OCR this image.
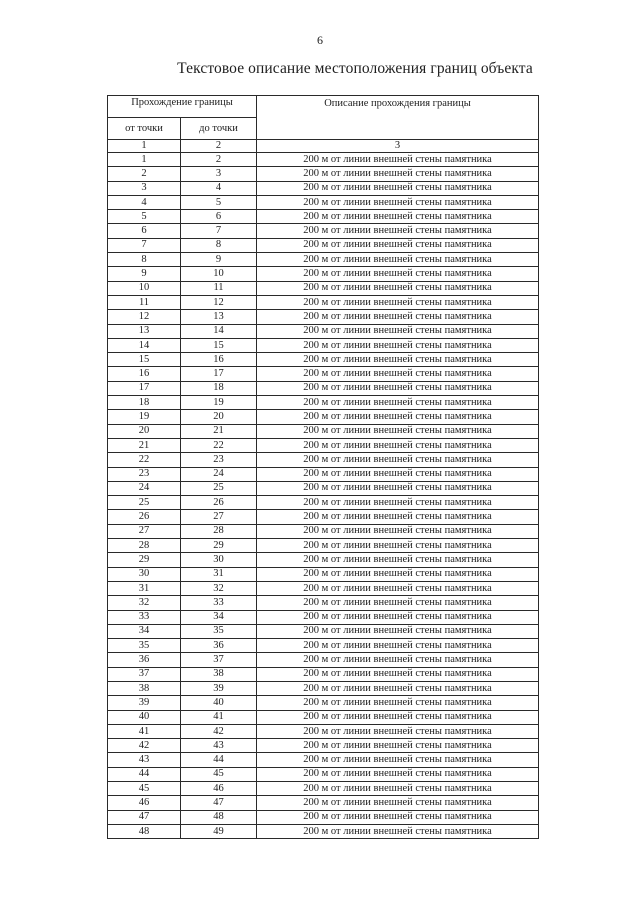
6
Текстовое описание местоположения границ объекта
Прохождение границы		Описание прохождения границы
от точки	до точки	
1	2	3
1	2	200 м от линии внешней стены памятника
2	3	200 м от линии внешней стены памятника
3	4	200 м от линии внешней стены памятника
4	5	200 м от линии внешней стены памятника
5	6	200 м от линии внешней стены памятника
6	7	200 м от линии внешней стены памятника
7	8	200 м от линии внешней стены памятника
8	9	200 м от линии внешней стены памятника
9	10	200 м от линии внешней стены памятника
10	11	200 м от линии внешней стены памятника
11	12	200 м от линии внешней стены памятника
12	13	200 м от линии внешней стены памятника
13	14	200 м от линии внешней стены памятника
14	15	200 м от линии внешней стены памятника
15	16	200 м от линии внешней стены памятника
16	17	200 м от линии внешней стены памятника
17	18	200 м от линии внешней стены памятника
18	19	200 м от линии внешней стены памятника
19	20	200 м от линии внешней стены памятника
20	21	200 м от линии внешней стены памятника
21	22	200 м от линии внешней стены памятника
22	23	200 м от линии внешней стены памятника
23	24	200 м от линии внешней стены памятника
24	25	200 м от линии внешней стены памятника
25	26	200 м от линии внешней стены памятника
26	27	200 м от линии внешней стены памятника
27	28	200 м от линии внешней стены памятника
28	29	200 м от линии внешней стены памятника
29	30	200 м от линии внешней стены памятника
30	31	200 м от линии внешней стены памятника
31	32	200 м от линии внешней стены памятника
32	33	200 м от линии внешней стены памятника
33	34	200 м от линии внешней стены памятника
34	35	200 м от линии внешней стены памятника
35	36	200 м от линии внешней стены памятника
36	37	200 м от линии внешней стены памятника
37	38	200 м от линии внешней стены памятника
38	39	200 м от линии внешней стены памятника
39	40	200 м от линии внешней стены памятника
40	41	200 м от линии внешней стены памятника
41	42	200 м от линии внешней стены памятника
42	43	200 м от линии внешней стены памятника
43	44	200 м от линии внешней стены памятника
44	45	200 м от линии внешней стены памятника
45	46	200 м от линии внешней стены памятника
46	47	200 м от линии внешней стены памятника
47	48	200 м от линии внешней стены памятника
48	49	200 м от линии внешней стены памятника
